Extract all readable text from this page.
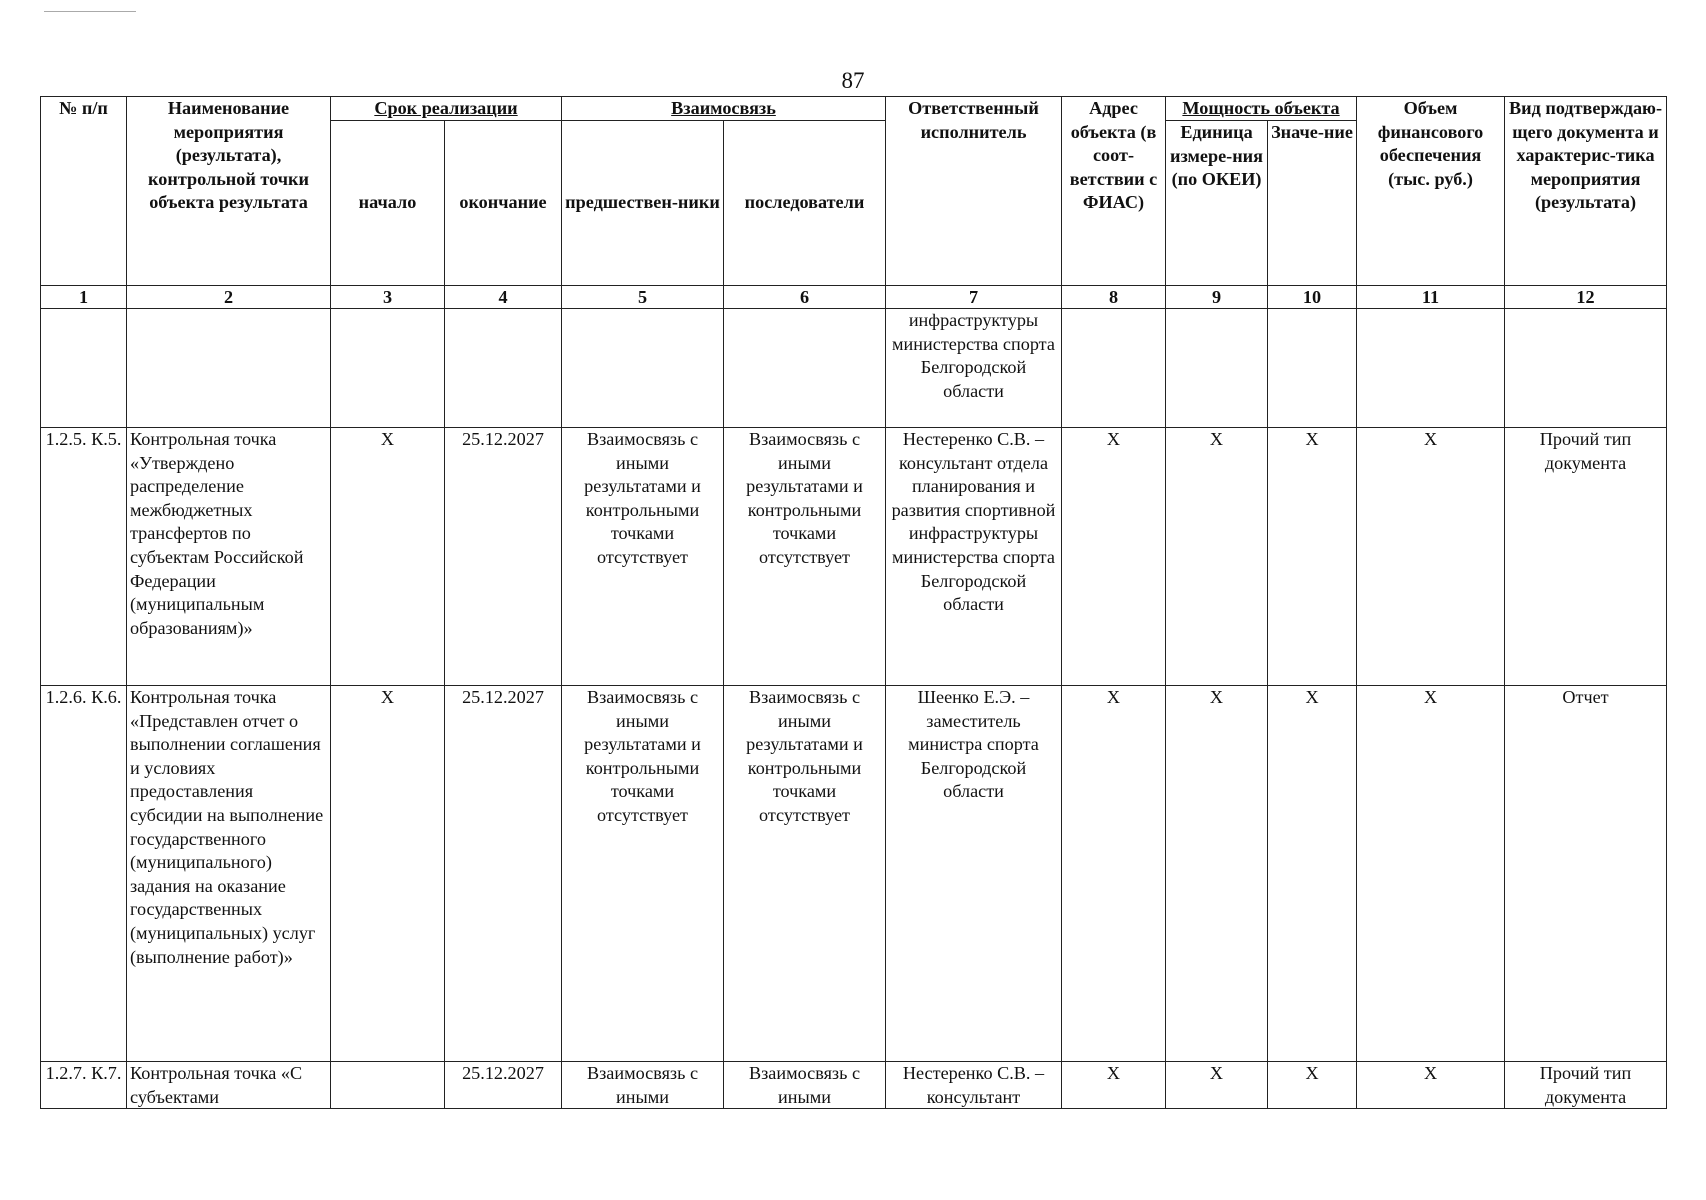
87
№ п/п	Наименование мероприятия (результата), контрольной точки объекта результата	Срок реализации		Взаимосвязь		Ответственный исполнитель	Адрес объекта (в соот-ветствии с ФИАС)	Мощность объекта		Объем финансового обеспечения (тыс. руб.)	Вид подтверждаю-щего документа и характерис-тика мероприятия (результата)
		начало	окончание	предшествен-ники	последователи			Единица измере-ния (по ОКЕИ)	Значе-ние		
1	2	3	4	5	6	7	8	9	10	11	12
						инфраструктуры министерства спорта Белгородской области					
1.2.5. К.5.	Контрольная точка «Утверждено распределение межбюджетных трансфертов по субъектам Российской Федерации (муниципальным образованиям)»	X	25.12.2027	Взаимосвязь с иными результатами и контрольными точками отсутствует	Взаимосвязь с иными результатами и контрольными точками отсутствует	Нестеренко С.В. – консультант отдела планирования и развития спортивной инфраструктуры министерства спорта Белгородской области	X	X	X	X	Прочий тип документа
1.2.6. К.6.	Контрольная точка «Представлен отчет о выполнении соглашения и условиях предоставления субсидии на выполнение государственного (муниципального) задания на оказание государственных (муниципальных) услуг (выполнение работ)»	X	25.12.2027	Взаимосвязь с иными результатами и контрольными точками отсутствует	Взаимосвязь с иными результатами и контрольными точками отсутствует	Шеенко Е.Э. – заместитель министра спорта Белгородской области	X	X	X	X	Отчет

1.2.7. К.7.	Контрольная точка «С субъектами		25.12.2027	Взаимосвязь с иными	Взаимосвязь с иными	Нестеренко С.В. – консультант	X	X	X	X	Прочий тип документа
